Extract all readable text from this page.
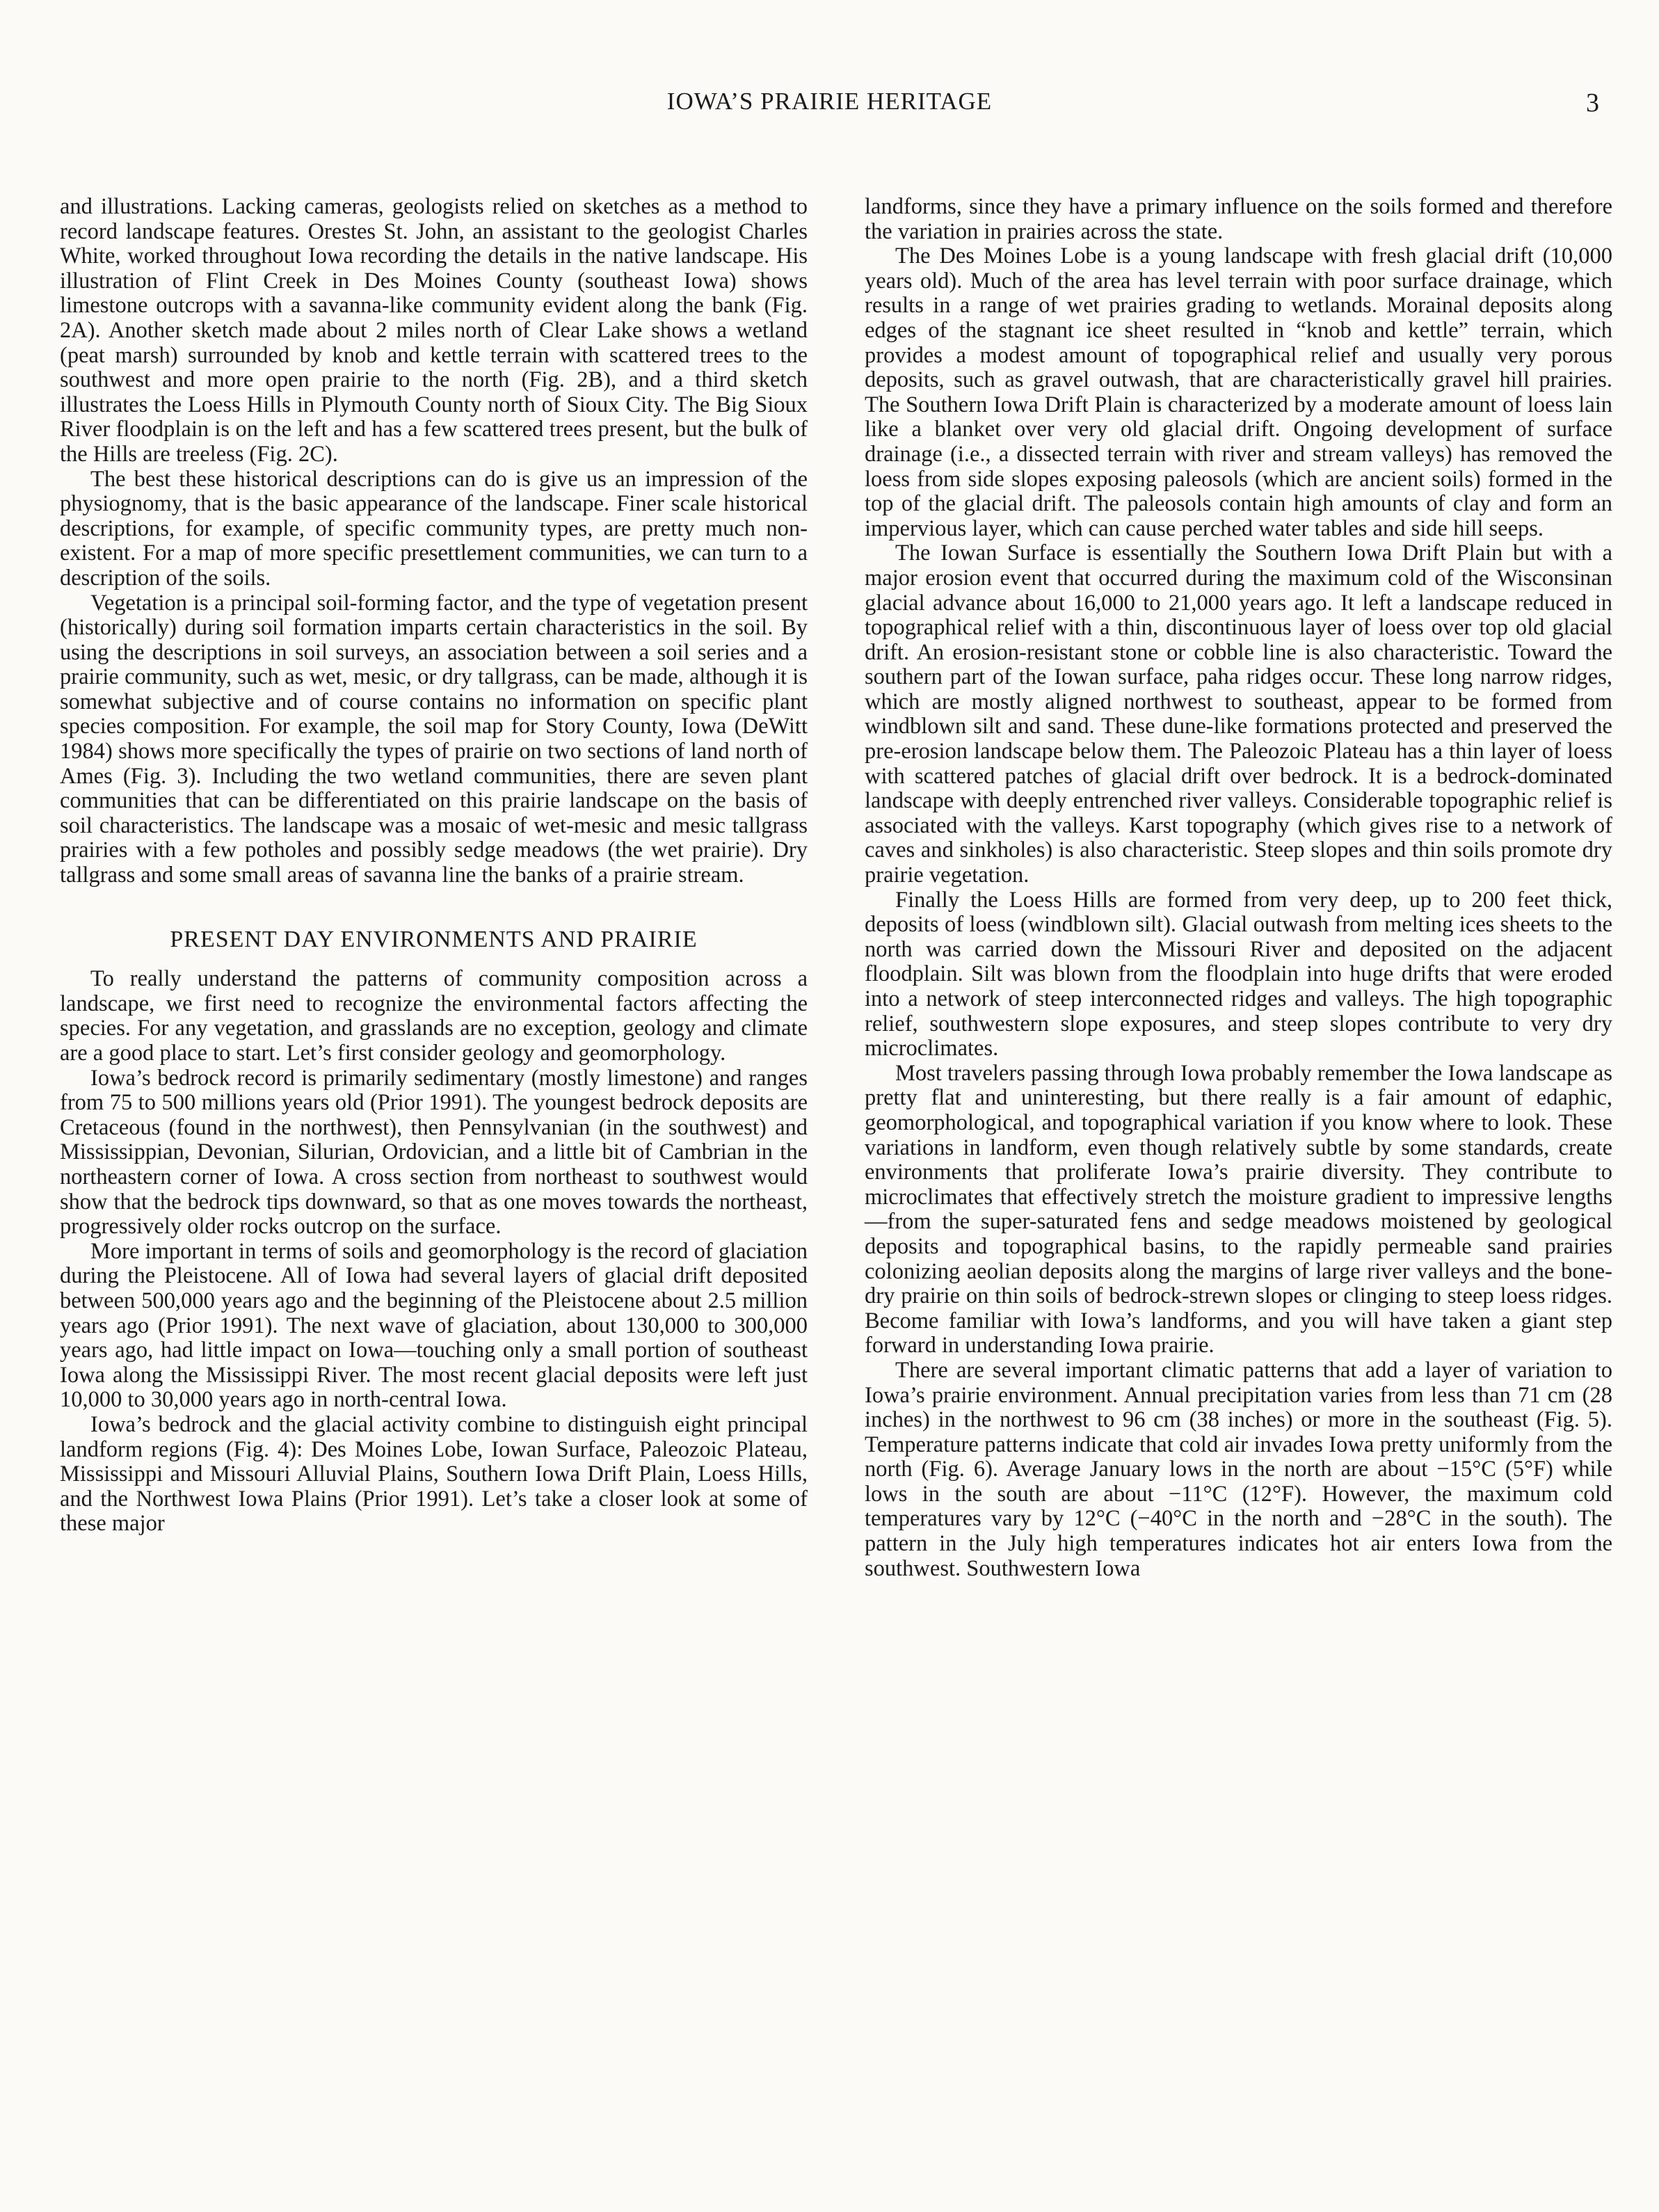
IOWA’S PRAIRIE HERITAGE	3

and illustrations. Lacking cameras, geologists relied on sketches as a method to record landscape features. Orestes St. John, an assistant to the geologist Charles White, worked throughout Iowa recording the details in the native landscape. His illustration of Flint Creek in Des Moines County (southeast Iowa) shows limestone outcrops with a savanna-like community evident along the bank (Fig. 2A). Another sketch made about 2 miles north of Clear Lake shows a wetland (peat marsh) surrounded by knob and kettle terrain with scattered trees to the southwest and more open prairie to the north (Fig. 2B), and a third sketch illustrates the Loess Hills in Plymouth County north of Sioux City. The Big Sioux River floodplain is on the left and has a few scattered trees present, but the bulk of the Hills are treeless (Fig. 2C).

The best these historical descriptions can do is give us an impression of the physiognomy, that is the basic appearance of the landscape. Finer scale historical descriptions, for example, of specific community types, are pretty much non-existent. For a map of more specific presettlement communities, we can turn to a description of the soils.

Vegetation is a principal soil-forming factor, and the type of vegetation present (historically) during soil formation imparts certain characteristics in the soil. By using the descriptions in soil surveys, an association between a soil series and a prairie community, such as wet, mesic, or dry tallgrass, can be made, although it is somewhat subjective and of course contains no information on specific plant species composition. For example, the soil map for Story County, Iowa (DeWitt 1984) shows more specifically the types of prairie on two sections of land north of Ames (Fig. 3). Including the two wetland communities, there are seven plant communities that can be differentiated on this prairie landscape on the basis of soil characteristics. The landscape was a mosaic of wet-mesic and mesic tallgrass prairies with a few potholes and possibly sedge meadows (the wet prairie). Dry tallgrass and some small areas of savanna line the banks of a prairie stream.

PRESENT DAY ENVIRONMENTS AND PRAIRIE

To really understand the patterns of community composition across a landscape, we first need to recognize the environmental factors affecting the species. For any vegetation, and grasslands are no exception, geology and climate are a good place to start. Let’s first consider geology and geomorphology.

Iowa’s bedrock record is primarily sedimentary (mostly limestone) and ranges from 75 to 500 millions years old (Prior 1991). The youngest bedrock deposits are Cretaceous (found in the northwest), then Pennsylvanian (in the southwest) and Mississippian, Devonian, Silurian, Ordovician, and a little bit of Cambrian in the northeastern corner of Iowa. A cross section from northeast to southwest would show that the bedrock tips downward, so that as one moves towards the northeast, progressively older rocks outcrop on the surface.

More important in terms of soils and geomorphology is the record of glaciation during the Pleistocene. All of Iowa had several layers of glacial drift deposited between 500,000 years ago and the beginning of the Pleistocene about 2.5 million years ago (Prior 1991). The next wave of glaciation, about 130,000 to 300,000 years ago, had little impact on Iowa—touching only a small portion of southeast Iowa along the Mississippi River. The most recent glacial deposits were left just 10,000 to 30,000 years ago in north-central Iowa.

Iowa’s bedrock and the glacial activity combine to distinguish eight principal landform regions (Fig. 4): Des Moines Lobe, Iowan Surface, Paleozoic Plateau, Mississippi and Missouri Alluvial Plains, Southern Iowa Drift Plain, Loess Hills, and the Northwest Iowa Plains (Prior 1991). Let’s take a closer look at some of these major

landforms, since they have a primary influence on the soils formed and therefore the variation in prairies across the state.

The Des Moines Lobe is a young landscape with fresh glacial drift (10,000 years old). Much of the area has level terrain with poor surface drainage, which results in a range of wet prairies grading to wetlands. Morainal deposits along edges of the stagnant ice sheet resulted in “knob and kettle” terrain, which provides a modest amount of topographical relief and usually very porous deposits, such as gravel outwash, that are characteristically gravel hill prairies. The Southern Iowa Drift Plain is characterized by a moderate amount of loess lain like a blanket over very old glacial drift. Ongoing development of surface drainage (i.e., a dissected terrain with river and stream valleys) has removed the loess from side slopes exposing paleosols (which are ancient soils) formed in the top of the glacial drift. The paleosols contain high amounts of clay and form an impervious layer, which can cause perched water tables and side hill seeps.

The Iowan Surface is essentially the Southern Iowa Drift Plain but with a major erosion event that occurred during the maximum cold of the Wisconsinan glacial advance about 16,000 to 21,000 years ago. It left a landscape reduced in topographical relief with a thin, discontinuous layer of loess over top old glacial drift. An erosion-resistant stone or cobble line is also characteristic. Toward the southern part of the Iowan surface, paha ridges occur. These long narrow ridges, which are mostly aligned northwest to southeast, appear to be formed from windblown silt and sand. These dune-like formations protected and preserved the pre-erosion landscape below them. The Paleozoic Plateau has a thin layer of loess with scattered patches of glacial drift over bedrock. It is a bedrock-dominated landscape with deeply entrenched river valleys. Considerable topographic relief is associated with the valleys. Karst topography (which gives rise to a network of caves and sinkholes) is also characteristic. Steep slopes and thin soils promote dry prairie vegetation.

Finally the Loess Hills are formed from very deep, up to 200 feet thick, deposits of loess (windblown silt). Glacial outwash from melting ices sheets to the north was carried down the Missouri River and deposited on the adjacent floodplain. Silt was blown from the floodplain into huge drifts that were eroded into a network of steep interconnected ridges and valleys. The high topographic relief, southwestern slope exposures, and steep slopes contribute to very dry microclimates.

Most travelers passing through Iowa probably remember the Iowa landscape as pretty flat and uninteresting, but there really is a fair amount of edaphic, geomorphological, and topographical variation if you know where to look. These variations in landform, even though relatively subtle by some standards, create environments that proliferate Iowa’s prairie diversity. They contribute to microclimates that effectively stretch the moisture gradient to impressive lengths—from the super-saturated fens and sedge meadows moistened by geological deposits and topographical basins, to the rapidly permeable sand prairies colonizing aeolian deposits along the margins of large river valleys and the bone-dry prairie on thin soils of bedrock-strewn slopes or clinging to steep loess ridges. Become familiar with Iowa’s landforms, and you will have taken a giant step forward in understanding Iowa prairie.

There are several important climatic patterns that add a layer of variation to Iowa’s prairie environment. Annual precipitation varies from less than 71 cm (28 inches) in the northwest to 96 cm (38 inches) or more in the southeast (Fig. 5). Temperature patterns indicate that cold air invades Iowa pretty uniformly from the north (Fig. 6). Average January lows in the north are about −15°C (5°F) while lows in the south are about −11°C (12°F). However, the maximum cold temperatures vary by 12°C (−40°C in the north and −28°C in the south). The pattern in the July high temperatures indicates hot air enters Iowa from the southwest. Southwestern Iowa
